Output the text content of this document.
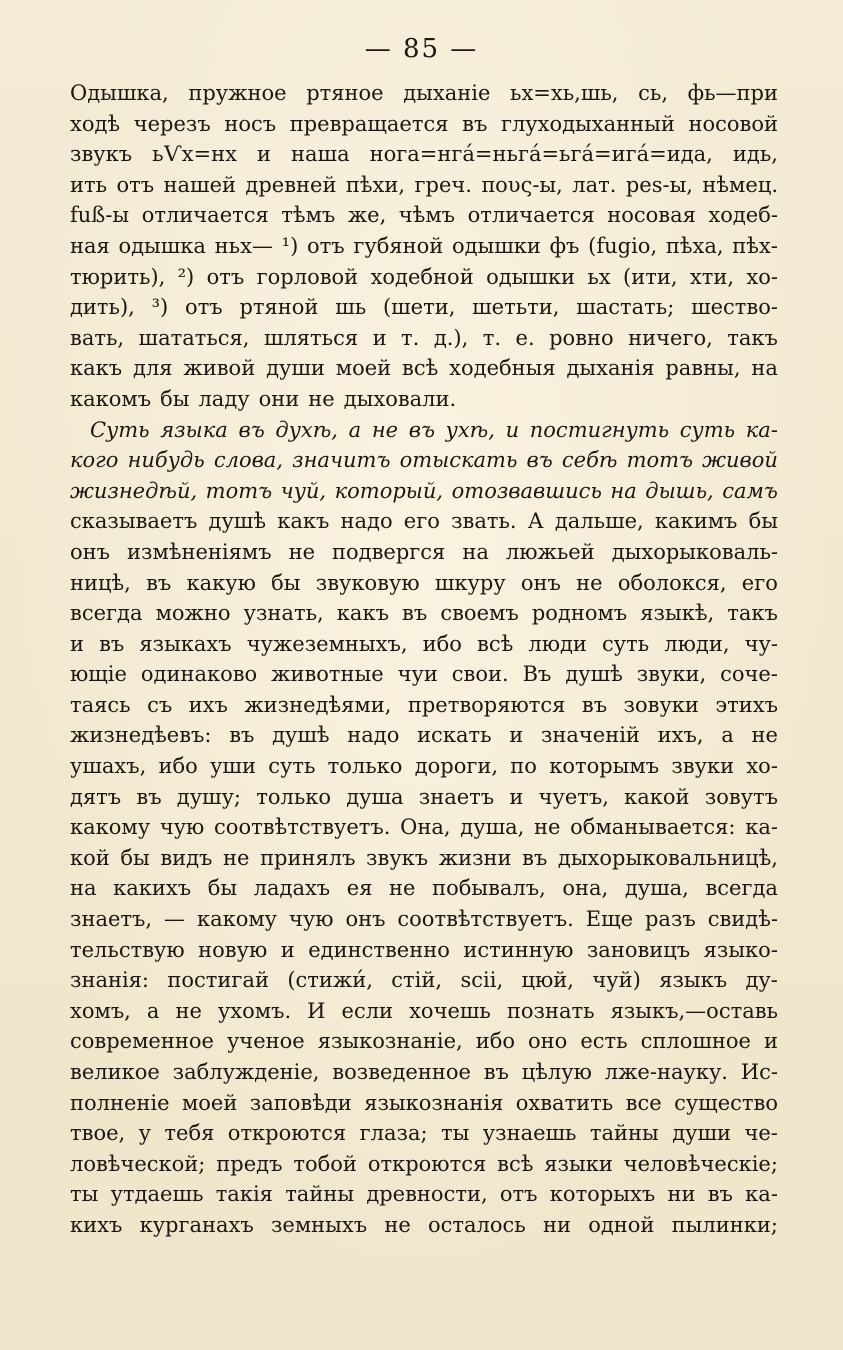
— 85 —
Одышка, пружное ртяное дыханіе ьх=хь,шь, сь, фь—при
ходѣ черезъ носъ превращается въ глуходыханный носовой
звукъ ьѴх=нх и наша нога=нга́=ньга́=ьга́=ига́=ида, идь,
ить отъ нашей древней пѣхи, греч. πους-ы, лат. pes-ы, нѣмец.
fuß-ы отличается тѣмъ же, чѣмъ отличается носовая ходеб-
ная одышка ньх— ¹) отъ губяной одышки фъ (fugio, пѣха, пѣх-
тюрить), ²) отъ горловой ходебной одышки ьх (ити, хти, хо-
дить), ³) отъ ртяной шь (шети, шетьти, шастать; шество-
вать, шататься, шляться и т. д.), т. е. ровно ничего, такъ
какъ для живой души моей всѣ ходебныя дыханія равны, на
какомъ бы ладу они не дыховали.
Суть языка въ духѣ, а не въ ухѣ, и постигнуть суть ка-
кого нибудь слова, значитъ отыскать въ себѣ тотъ живой
жизнедѣй, тотъ чуй, который, отозвавшись на дышь, самъ
сказываетъ душѣ какъ надо его звать. А дальше, какимъ бы
онъ измѣненіямъ не подвергся на люжьей дыхорыковаль-
ницѣ, въ какую бы звуковую шкуру онъ не оболокся, его
всегда можно узнать, какъ въ своемъ родномъ языкѣ, такъ
и въ языкахъ чужеземныхъ, ибо всѣ люди суть люди, чу-
ющіе одинаково животные чуи свои. Въ душѣ звуки, соче-
таясь съ ихъ жизнедѣями, претворяются въ зовуки этихъ
жизнедѣевъ: въ душѣ надо искать и значеній ихъ, а не
ушахъ, ибо уши суть только дороги, по которымъ звуки хо-
дятъ въ душу; только душа знаетъ и чуетъ, какой зовутъ
какому чую соотвѣтствуетъ. Она, душа, не обманывается: ка-
кой бы видъ не принялъ звукъ жизни въ дыхорыковальницѣ,
на какихъ бы ладахъ ея не побывалъ, она, душа, всегда
знаетъ, — какому чую онъ соотвѣтствуетъ. Еще разъ свидѣ-
тельствую новую и единственно истинную зановицъ языко-
знанія: постигай (стижи́, стій, scii, цюй, чуй) языкъ ду-
хомъ, а не ухомъ. И если хочешь познать языкъ,—оставь
современное ученое языкознаніе, ибо оно есть сплошное и
великое заблужденіе, возведенное въ цѣлую лже-науку. Ис-
полненіе моей заповѣди языкознанія охватить все существо
твое, у тебя откроются глаза; ты узнаешь тайны души че-
ловѣческой; предъ тобой откроются всѣ языки человѣческіе;
ты утдаешь такія тайны древности, отъ которыхъ ни въ ка-
кихъ курганахъ земныхъ не осталось ни одной пылинки;
